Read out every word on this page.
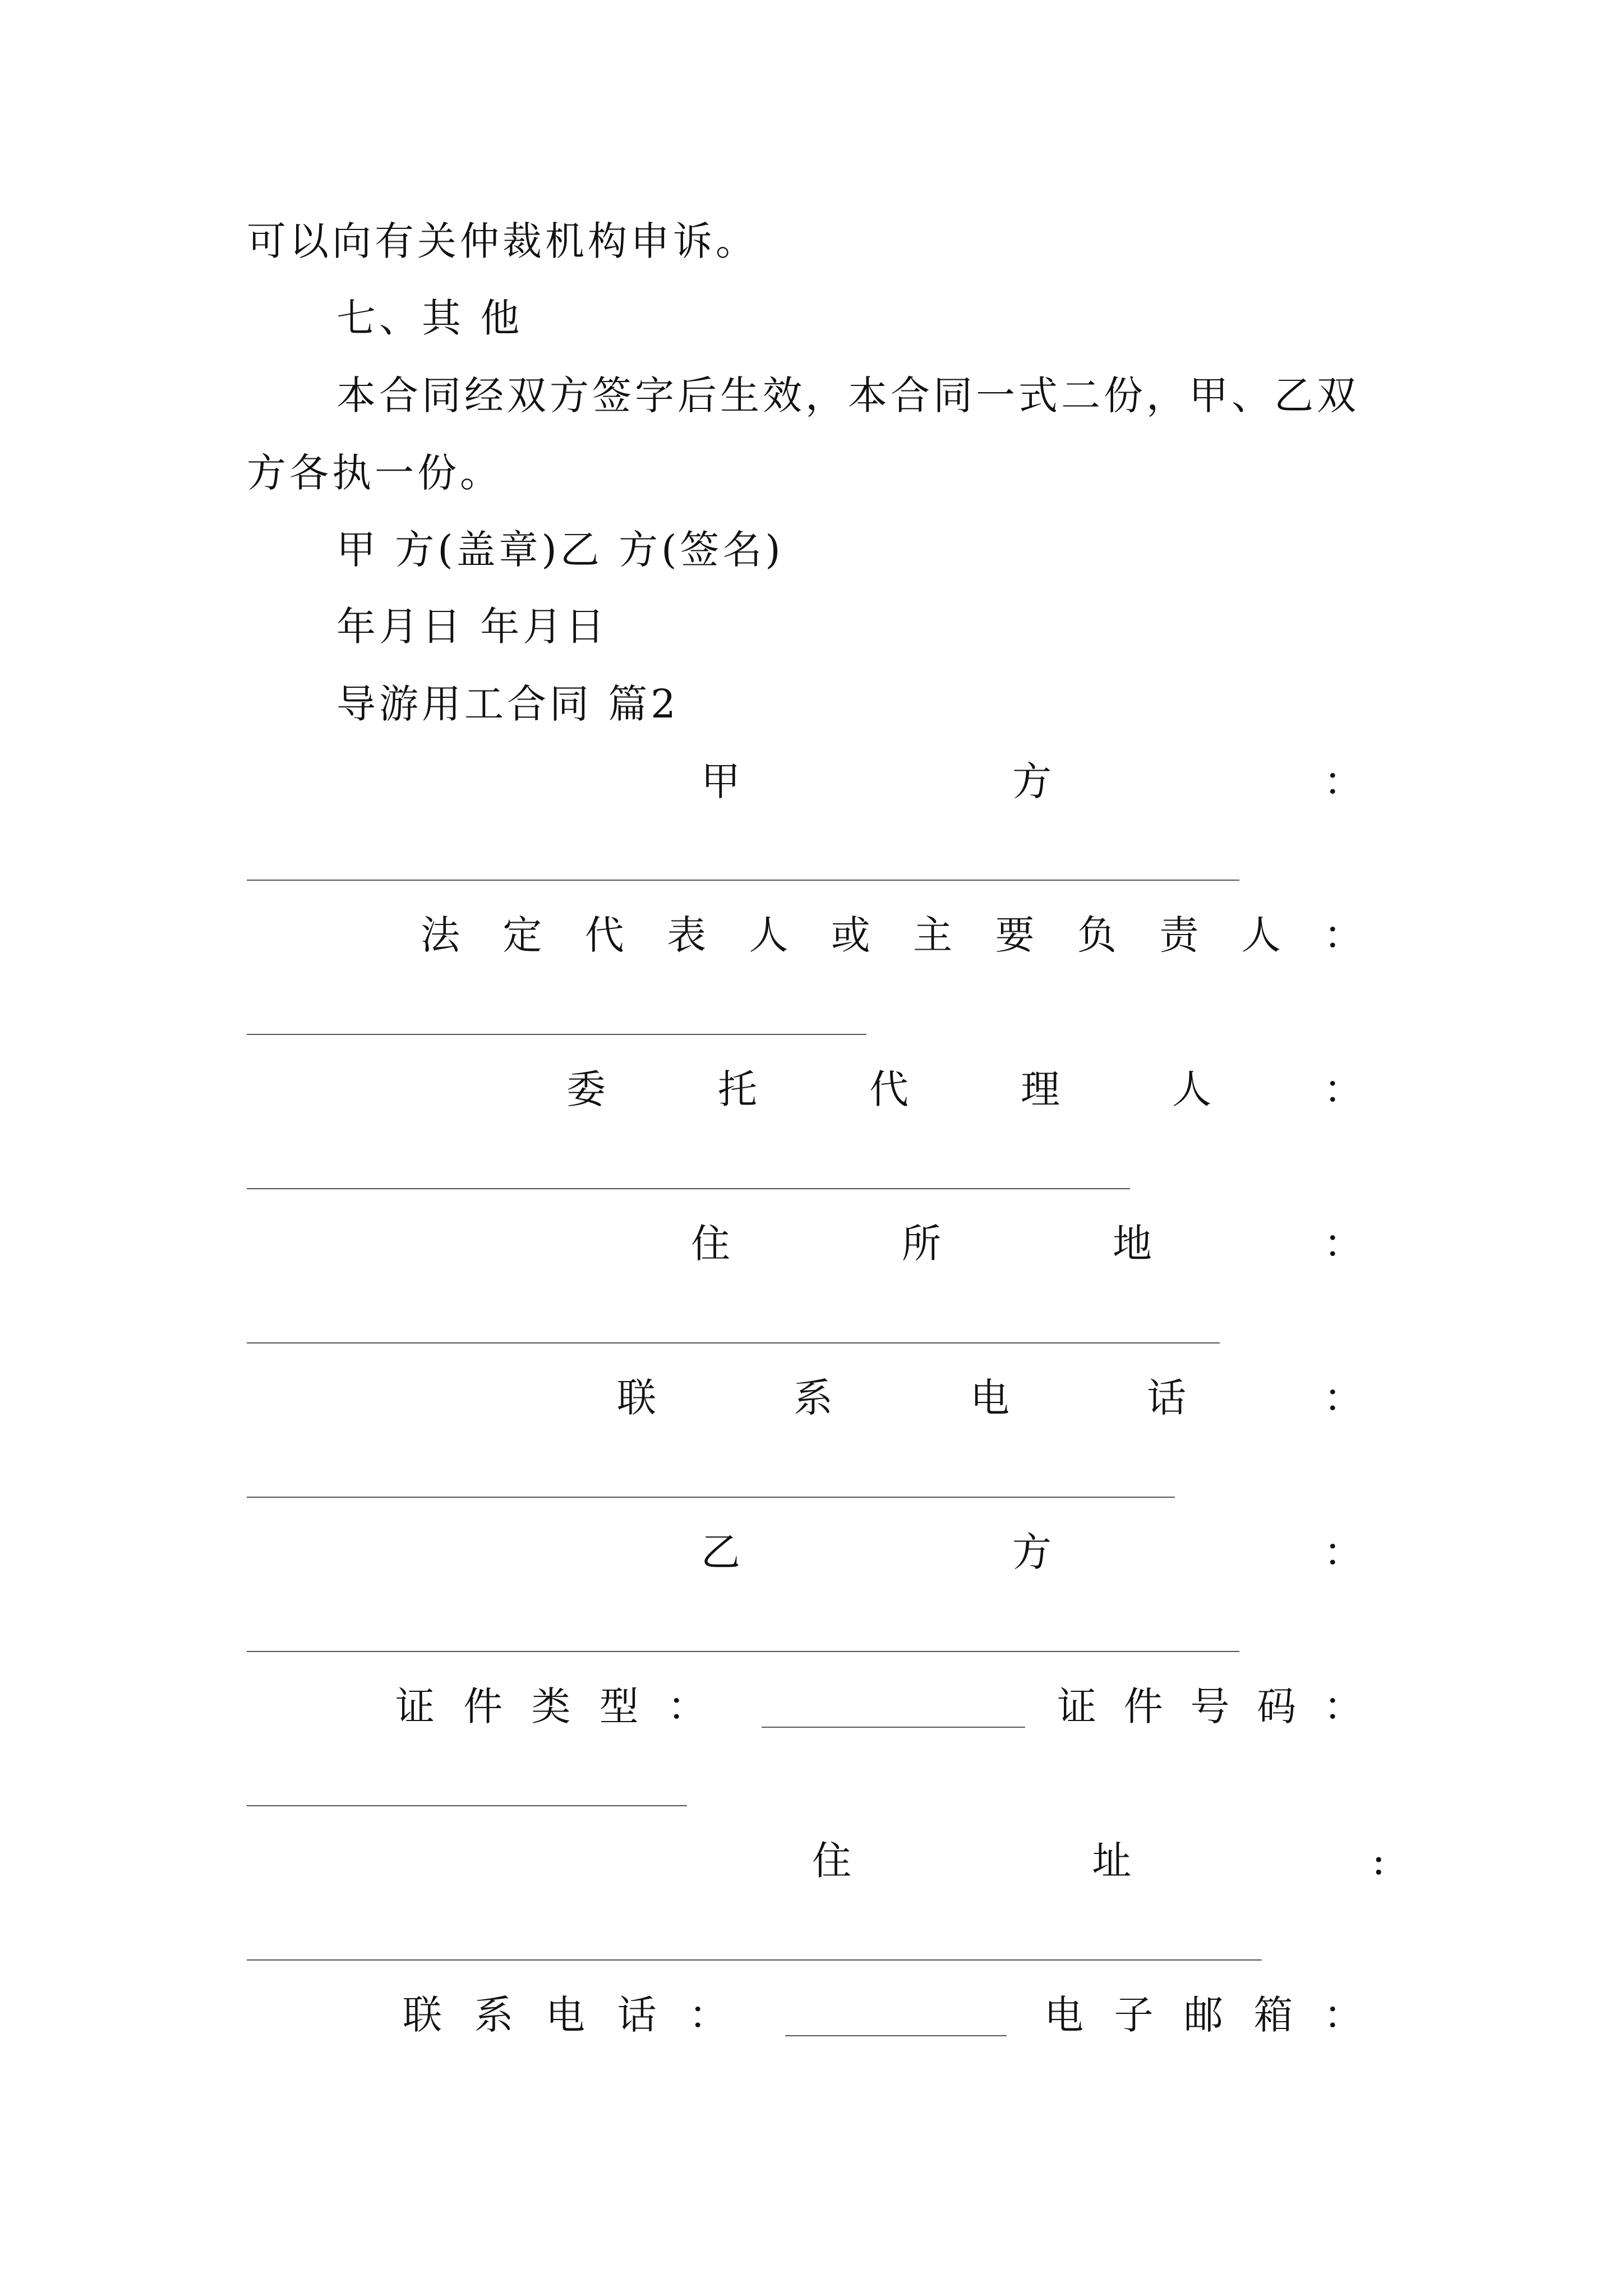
可以向有关仲裁机构申诉。
七、其 他
本合同经双方签字后生效，本合同一式二份，甲、乙双
方各执一份。
甲 方(盖章)乙 方(签名)
年月日 年月日
导游用工合同 篇2
甲	方	：
法 定 代 表 人 或 主 要 负 责 人 ：
委	托	代	理	人	：
住	所	地	：
联	系	电	话	：
乙	方	：
证 件 类 型 ：	证 件 号 码 ：
住	址	:
联 系 电 话 ：	电 子 邮 箱 ：
